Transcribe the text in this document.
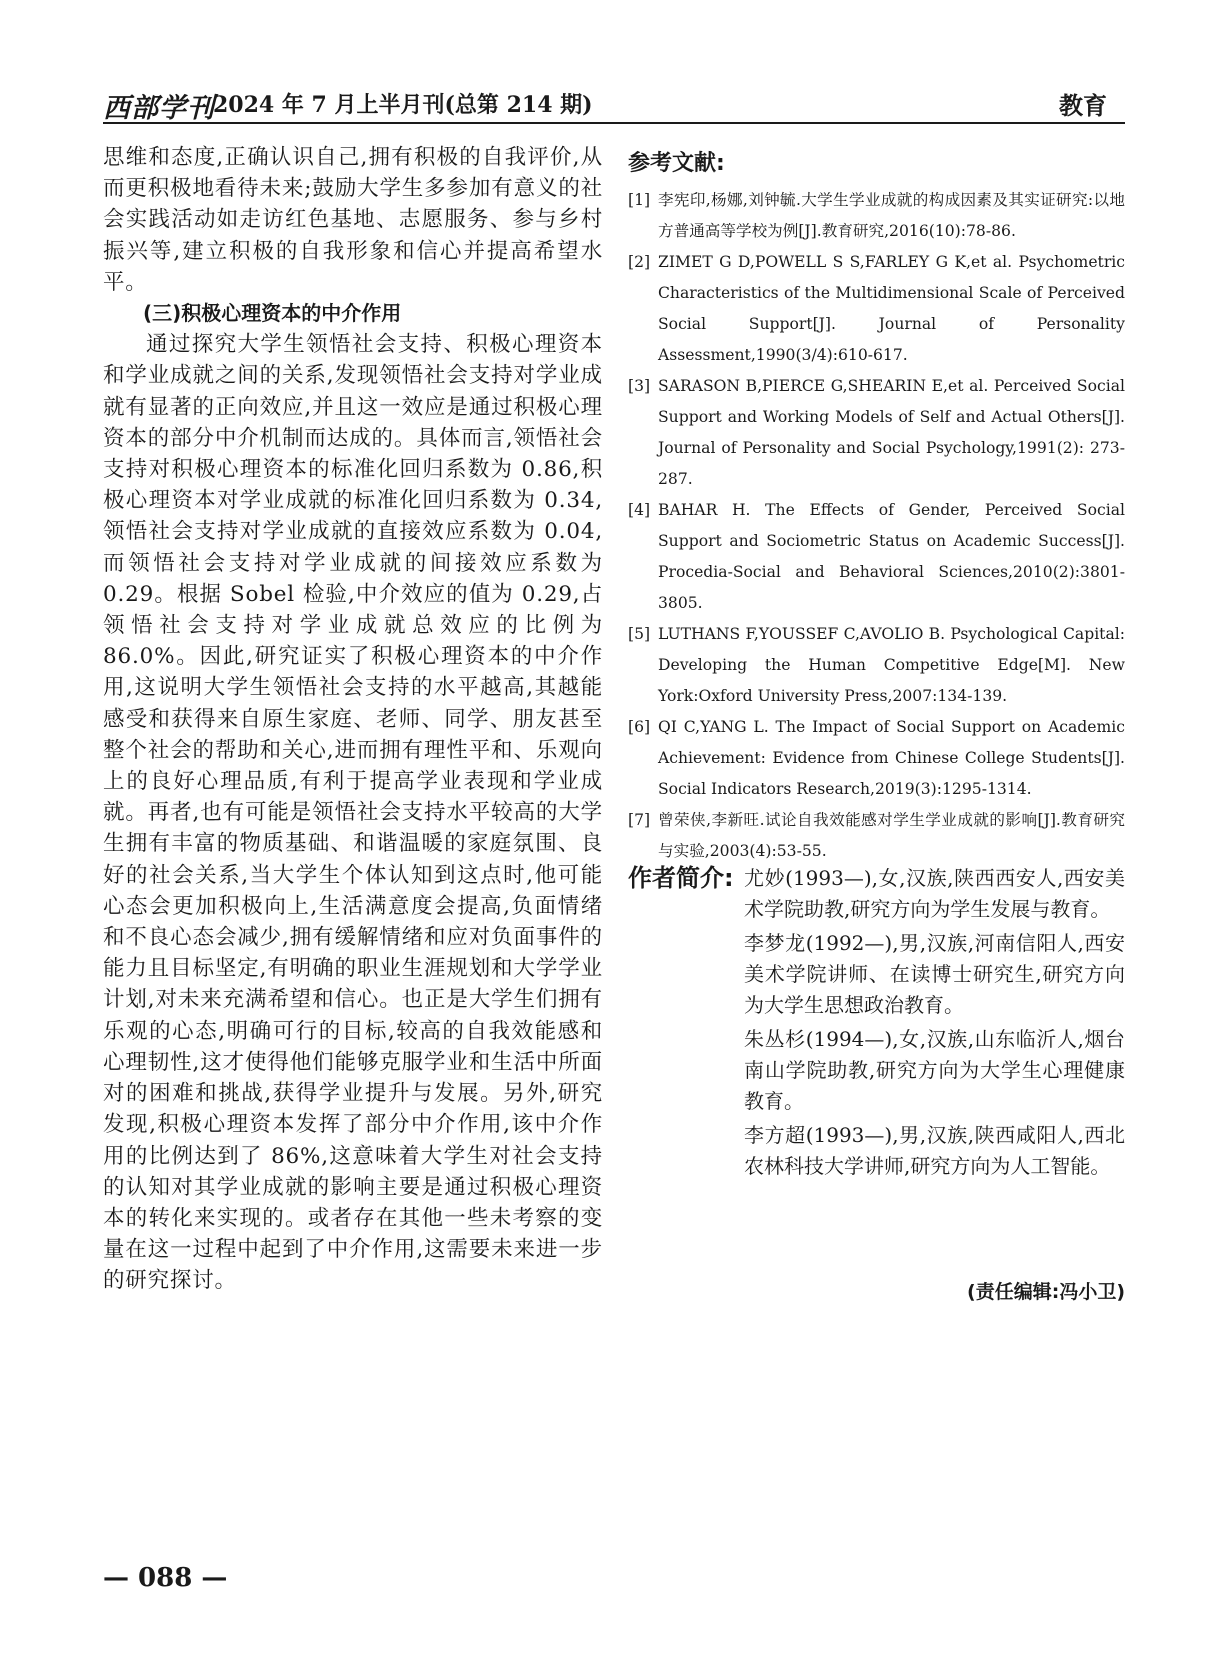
西部学刊
2024 年 7 月上半月刊(总第 214 期)	教育

思维和态度,正确认识自己,拥有积极的自我评价,从而更积极地看待未来;鼓励大学生多参加有意义的社会实践活动如走访红色基地、志愿服务、参与乡村振兴等,建立积极的自我形象和信心并提高希望水平。

(三)积极心理资本的中介作用

通过探究大学生领悟社会支持、积极心理资本和学业成就之间的关系,发现领悟社会支持对学业成就有显著的正向效应,并且这一效应是通过积极心理资本的部分中介机制而达成的。具体而言,领悟社会支持对积极心理资本的标准化回归系数为 0.86,积极心理资本对学业成就的标准化回归系数为 0.34,领悟社会支持对学业成就的直接效应系数为 0.04,而领悟社会支持对学业成就的间接效应系数为 0.29。根据 Sobel 检验,中介效应的值为 0.29,占领悟社会支持对学业成就总效应的比例为 86.0%。因此,研究证实了积极心理资本的中介作用,这说明大学生领悟社会支持的水平越高,其越能感受和获得来自原生家庭、老师、同学、朋友甚至整个社会的帮助和关心,进而拥有理性平和、乐观向上的良好心理品质,有利于提高学业表现和学业成就。再者,也有可能是领悟社会支持水平较高的大学生拥有丰富的物质基础、和谐温暖的家庭氛围、良好的社会关系,当大学生个体认知到这点时,他可能心态会更加积极向上,生活满意度会提高,负面情绪和不良心态会减少,拥有缓解情绪和应对负面事件的能力且目标坚定,有明确的职业生涯规划和大学学业计划,对未来充满希望和信心。也正是大学生们拥有乐观的心态,明确可行的目标,较高的自我效能感和心理韧性,这才使得他们能够克服学业和生活中所面对的困难和挑战,获得学业提升与发展。另外,研究发现,积极心理资本发挥了部分中介作用,该中介作用的比例达到了 86%,这意味着大学生对社会支持的认知对其学业成就的影响主要是通过积极心理资本的转化来实现的。或者存在其他一些未考察的变量在这一过程中起到了中介作用,这需要未来进一步的研究探讨。

参考文献:

[1] 李宪印,杨娜,刘钟毓.大学生学业成就的构成因素及其实证研究:以地方普通高等学校为例[J].教育研究,2016(10):78-86.
[2] ZIMET G D,POWELL S S,FARLEY G K,et al. Psychometric Characteristics of the Multidimensional Scale of Perceived Social Support[J]. Journal of Personality Assessment,1990(3/4):610-617.
[3] SARASON B,PIERCE G,SHEARIN E,et al. Perceived Social Support and Working Models of Self and Actual Others[J]. Journal of Personality and Social Psychology,1991(2): 273-287.
[4] BAHAR H. The Effects of Gender, Perceived Social Support and Sociometric Status on Academic Success[J]. Procedia-Social and Behavioral Sciences,2010(2):3801-3805.
[5] LUTHANS F,YOUSSEF C,AVOLIO B. Psychological Capital: Developing the Human Competitive Edge[M]. New York:Oxford University Press,2007:134-139.
[6] QI C,YANG L. The Impact of Social Support on Academic Achievement: Evidence from Chinese College Students[J]. Social Indicators Research,2019(3):1295-1314.
[7] 曾荣侠,李新旺.试论自我效能感对学生学业成就的影响[J].教育研究与实验,2003(4):53-55.
作者简介: 尤妙(1993—),女,汉族,陕西西安人,西安美术学院助教,研究方向为学生发展与教育。

李梦龙(1992—),男,汉族,河南信阳人,西安美术学院讲师、在读博士研究生,研究方向为大学生思想政治教育。

朱丛杉(1994—),女,汉族,山东临沂人,烟台南山学院助教,研究方向为大学生心理健康教育。

李方超(1993—),男,汉族,陕西咸阳人,西北农林科技大学讲师,研究方向为人工智能。

(责任编辑:冯小卫)
— 088 —
